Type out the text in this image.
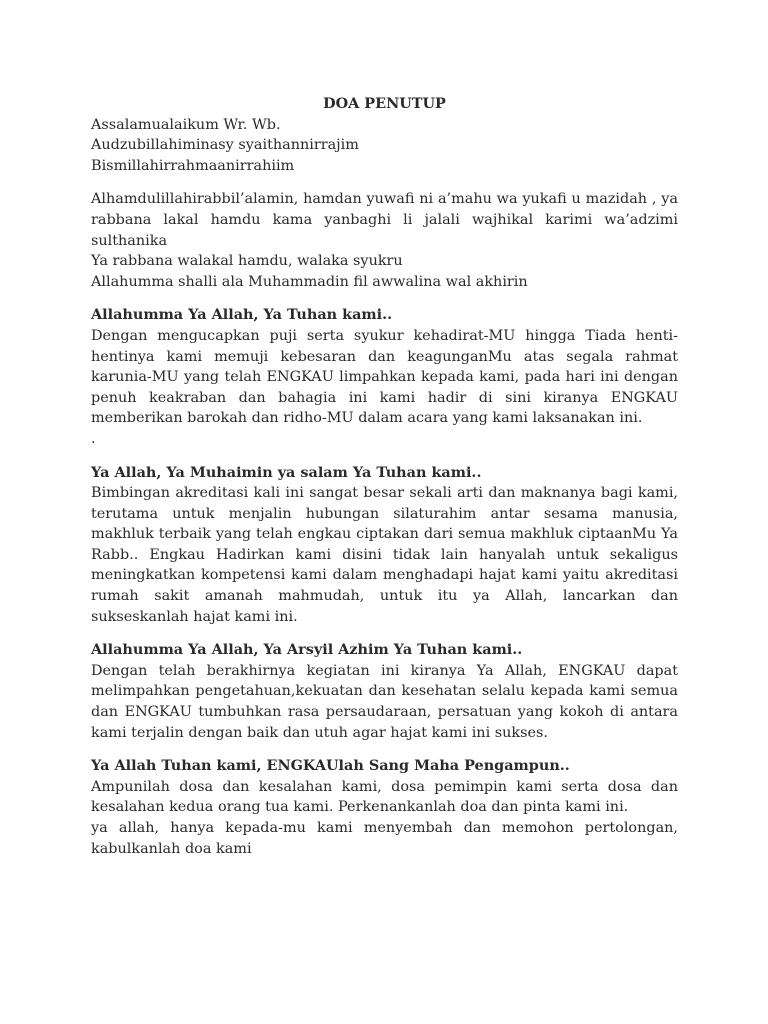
DOA PENUTUP

Assalamualaikum Wr. Wb.

Audzubillahiminasy syaithannirrajim

Bismillahirrahmaanirrahiim

Alhamdulillahirabbil’alamin, hamdan yuwafi ni a’mahu wa yukafi u mazidah , ya rabbana lakal hamdu kama yanbaghi li jalali wajhikal karimi wa’adzimi sulthanika

Ya rabbana walakal hamdu, walaka syukru

Allahumma shalli ala Muhammadin fil awwalina wal akhirin

Allahumma Ya Allah, Ya Tuhan kami..

Dengan mengucapkan puji serta syukur kehadirat-MU hingga Tiada henti-hentinya kami memuji kebesaran dan keagunganMu atas segala rahmat karunia-MU yang telah ENGKAU limpahkan kepada kami, pada hari ini dengan penuh keakraban dan bahagia ini kami hadir di sini kiranya ENGKAU memberikan barokah dan ridho-MU dalam acara yang kami laksanakan ini.

.

Ya Allah, Ya Muhaimin ya salam Ya Tuhan kami..

Bimbingan akreditasi kali ini sangat besar sekali arti dan maknanya bagi kami, terutama untuk menjalin hubungan silaturahim antar sesama manusia, makhluk terbaik yang telah engkau ciptakan dari semua makhluk ciptaanMu Ya Rabb.. Engkau Hadirkan kami disini tidak lain hanyalah untuk sekaligus meningkatkan kompetensi kami dalam menghadapi hajat kami yaitu akreditasi rumah sakit amanah mahmudah, untuk itu ya Allah, lancarkan dan sukseskanlah hajat kami ini.

Allahumma Ya Allah, Ya Arsyil Azhim Ya Tuhan kami..

Dengan telah berakhirnya kegiatan ini kiranya Ya Allah, ENGKAU dapat melimpahkan pengetahuan,kekuatan dan kesehatan selalu kepada kami semua dan ENGKAU tumbuhkan rasa persaudaraan, persatuan yang kokoh di antara kami terjalin dengan baik dan utuh agar hajat kami ini sukses.

Ya Allah Tuhan kami, ENGKAUlah Sang Maha Pengampun..

Ampunilah dosa dan kesalahan kami, dosa pemimpin kami serta dosa dan kesalahan kedua orang tua kami. Perkenankanlah doa dan pinta kami ini.

ya allah, hanya kepada-mu kami menyembah dan memohon pertolongan, kabulkanlah doa kami
